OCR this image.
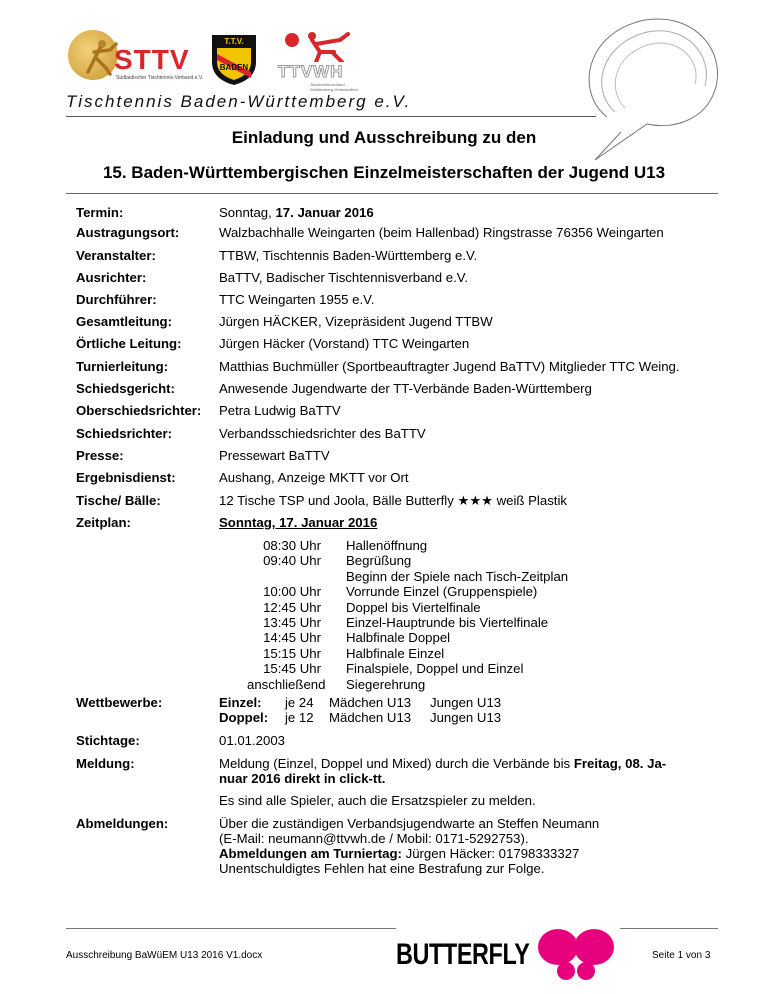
STTV
Südbadischer Tischtennis-Verband e.V.
T.T.V.
BADEN TTVWH
Tischtennisverband Württemberg-Hohenzollern
Tischtennis Baden-Württemberg e.V.
Einladung und Ausschreibung zu den
15. Baden-Württembergischen Einzelmeisterschaften der Jugend U13
Termin:	Sonntag, 17. Januar 2016
Austragungsort:	Walzbachhalle Weingarten (beim Hallenbad) Ringstrasse 76356 Weingarten
Veranstalter:	TTBW, Tischtennis Baden-Württemberg e.V.
Ausrichter:	BaTTV, Badischer Tischtennisverband e.V.
Durchführer:	TTC Weingarten 1955 e.V.
Gesamtleitung:	Jürgen HÄCKER, Vizepräsident Jugend TTBW
Örtliche Leitung:	Jürgen Häcker (Vorstand) TTC Weingarten
Turnierleitung:	Matthias Buchmüller (Sportbeauftragter Jugend BaTTV) Mitglieder TTC Weing.
Schiedsgericht:	Anwesende Jugendwarte der TT-Verbände Baden-Württemberg
Oberschiedsrichter: Petra Ludwig BaTTV
Schiedsrichter:	Verbandsschiedsrichter des BaTTV
Presse:	Pressewart BaTTV
Ergebnisdienst:	Aushang, Anzeige MKTT vor Ort
Tische/ Bälle:	12 Tische TSP und Joola, Bälle Butterfly ★★★ weiß Plastik
Zeitplan:	Sonntag, 17. Januar 2016
08:30 Uhr Hallenöffnung
09:40 Uhr Begrüßung
Beginn der Spiele nach Tisch-Zeitplan
10:00 Uhr Vorrunde Einzel (Gruppenspiele)
12:45 Uhr Doppel bis Viertelfinale
13:45 Uhr Einzel-Hauptrunde bis Viertelfinale
14:45 Uhr Halbfinale Doppel
15:15 Uhr Halbfinale Einzel
15:45 Uhr Finalspiele, Doppel und Einzel
anschließend Siegerehrung
Wettbewerbe:	Einzel: je 24 Mädchen U13 Jungen U13
Doppel: je 12 Mädchen U13 Jungen U13
Stichtage:	01.01.2003
Meldung:	Meldung (Einzel, Doppel und Mixed) durch die Verbände bis Freitag, 08. Ja-
nuar 2016 direkt in click-tt.
Es sind alle Spieler, auch die Ersatzspieler zu melden.
Abmeldungen:	Über die zuständigen Verbandsjugendwarte an Steffen Neumann
(E-Mail: neumann@ttvwh.de / Mobil: 0171-5292753).
Abmeldungen am Turniertag: Jürgen Häcker: 01798333327
Unentschuldigtes Fehlen hat eine Bestrafung zur Folge.
Ausschreibung BaWüEM U13 2016 V1.docx	BUTTERFLY	Seite 1 von 3
